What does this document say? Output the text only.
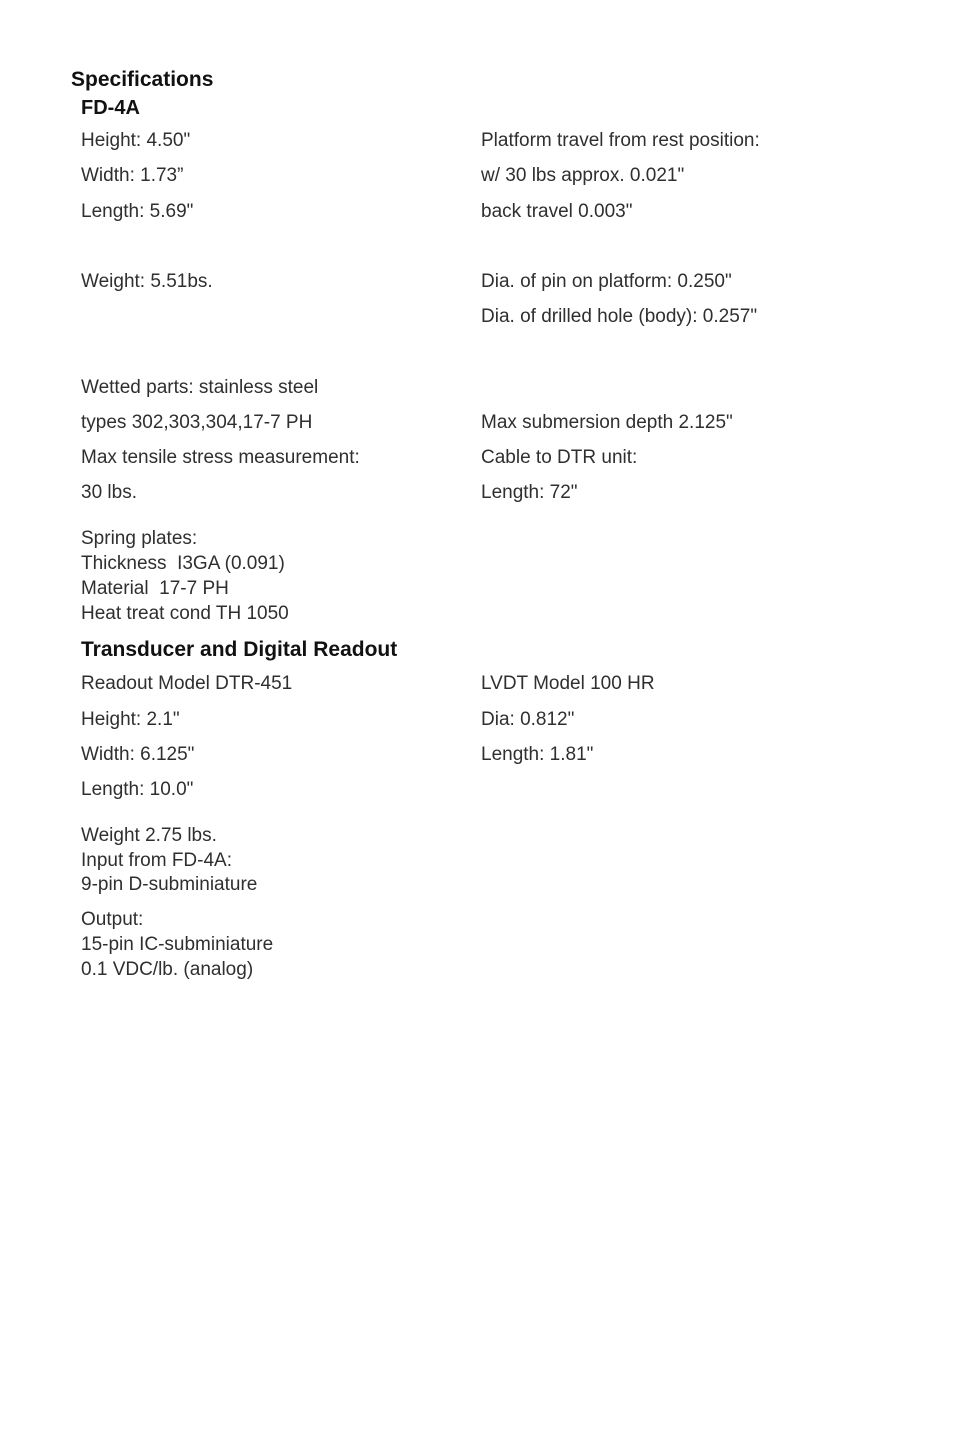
Specifications
FD-4A
Height: 4.50"
Width: 1.73”
Length: 5.69"
Weight: 5.51bs.
Wetted parts: stainless steel
types 302,303,304,17-7 PH
Max tensile stress measurement:
30 lbs.
Spring plates:
Thickness  I3GA (0.091)
Material  17-7 PH
Heat treat cond TH 1050
Platform travel from rest position:
w/ 30 lbs approx. 0.021"
back travel 0.003"
Dia. of pin on platform: 0.250"
Dia. of drilled hole (body): 0.257"
Max submersion depth 2.125"
Cable to DTR unit:
Length: 72"
Transducer and Digital Readout
Readout Model DTR-451
Height: 2.1"
Width: 6.125"
Length: 10.0"
Weight 2.75 lbs.
Input from FD-4A:
9-pin D-subminiature
Output:
15-pin IC-subminiature
0.1 VDC/lb. (analog)
LVDT Model 100 HR
Dia: 0.812"
Length: 1.81"
